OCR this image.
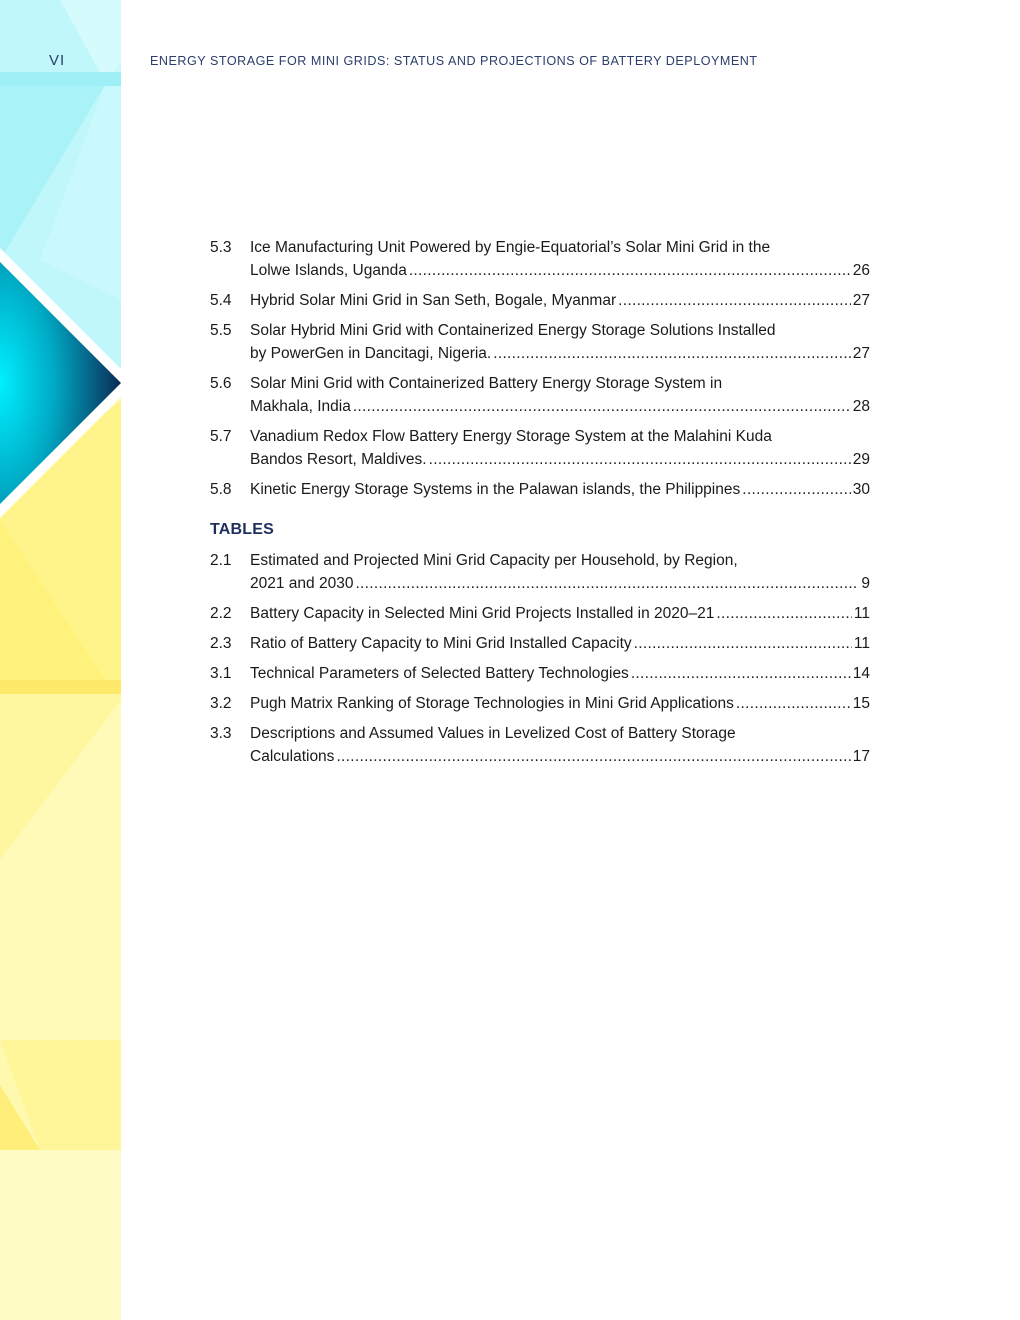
VI	ENERGY STORAGE FOR MINI GRIDS: STATUS AND PROJECTIONS OF BATTERY DEPLOYMENT
5.3	Ice Manufacturing Unit Powered by Engie-Equatorial’s Solar Mini Grid in the
Lolwe Islands, Uganda .....	26
5.4	Hybrid Solar Mini Grid in San Seth, Bogale, Myanmar .....	27
5.5	Solar Hybrid Mini Grid with Containerized Energy Storage Solutions Installed
by PowerGen in Dancitagi, Nigeria. .....	27
5.6	Solar Mini Grid with Containerized Battery Energy Storage System in
Makhala, India .....	28
5.7	Vanadium Redox Flow Battery Energy Storage System at the Malahini Kuda
Bandos Resort, Maldives. .....	29
5.8	Kinetic Energy Storage Systems in the Palawan islands, the Philippines .....	30
TABLES
2.1	Estimated and Projected Mini Grid Capacity per Household, by Region,
2021 and 2030 .....	9
2.2	Battery Capacity in Selected Mini Grid Projects Installed in 2020–21 .....	11
2.3	Ratio of Battery Capacity to Mini Grid Installed Capacity .....	11
3.1	Technical Parameters of Selected Battery Technologies .....	14
3.2	Pugh Matrix Ranking of Storage Technologies in Mini Grid Applications .....	15
3.3	Descriptions and Assumed Values in Levelized Cost of Battery Storage
Calculations .....	17
